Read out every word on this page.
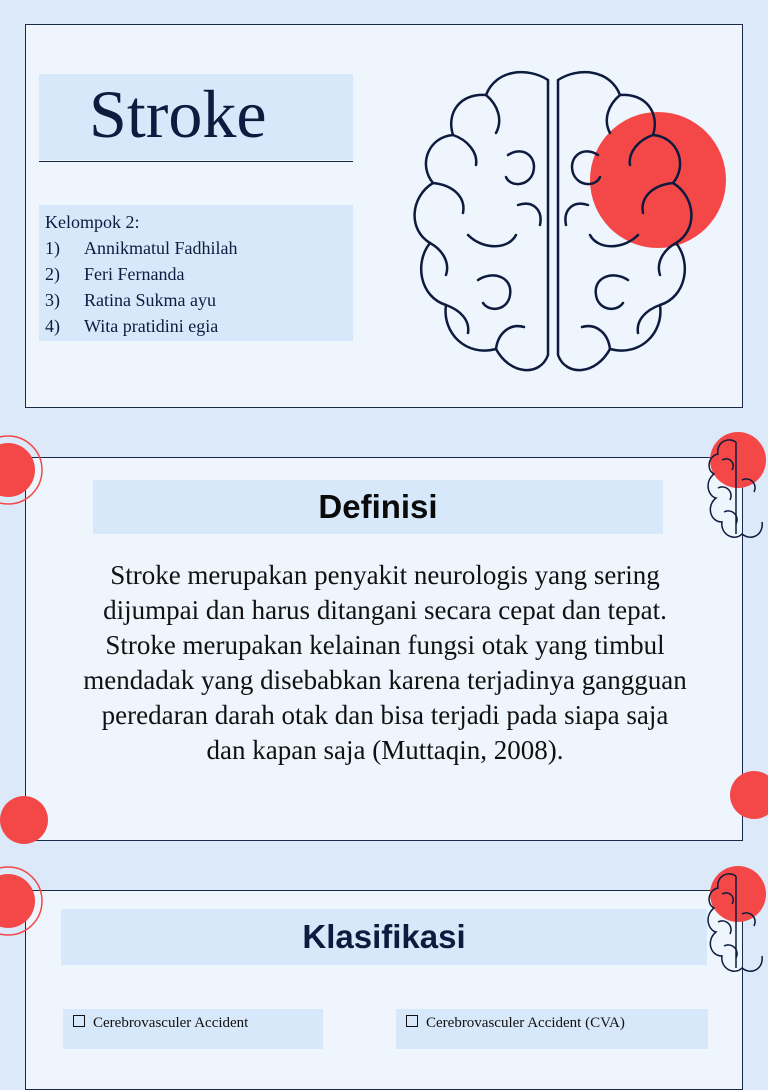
Stroke
Kelompok 2:
1)	Annikmatul Fadhilah
2)	Feri Fernanda
3)	Ratina Sukma ayu
4)	Wita pratidini egia
Definisi
Stroke merupakan penyakit neurologis yang sering
dijumpai dan harus ditangani secara cepat dan tepat.
Stroke merupakan kelainan fungsi otak yang timbul
mendadak yang disebabkan karena terjadinya gangguan
peredaran darah otak dan bisa terjadi pada siapa saja
dan kapan saja (Muttaqin, 2008).
Klasifikasi
Cerebrovasculer Accident	Cerebrovasculer Accident (CVA)
